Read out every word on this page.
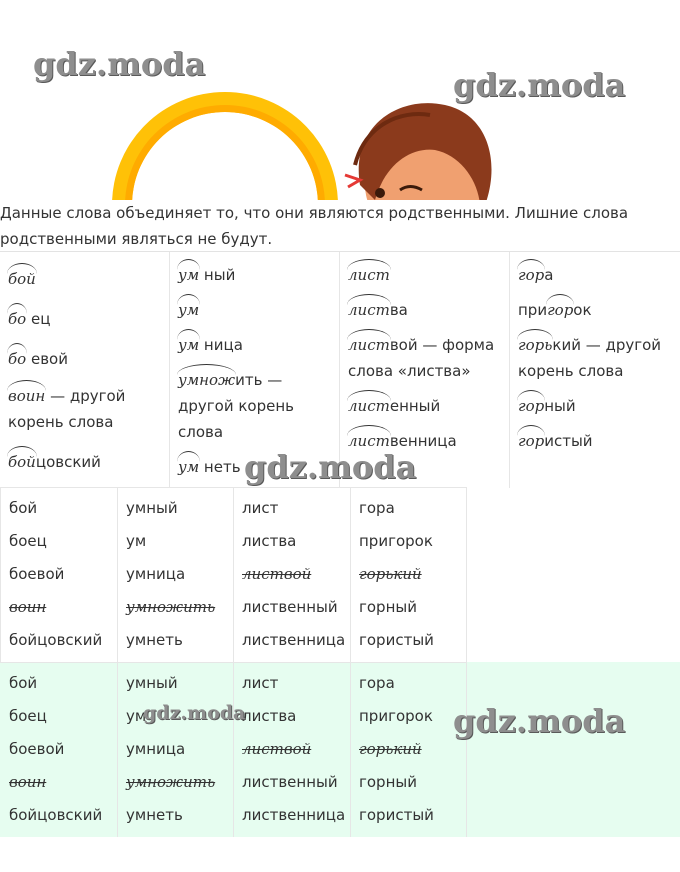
gdz.moda
gdz.moda
Данные слова объединяет то, что они являются родственными. Лишние слова родственными являться не будут.
бой
бо ец
бо евой
воин — другой
корень слова
бойцовский
ум ный
ум
ум ница
умножить —
другой корень
слова
ум неть
лист
листва
листвой — форма
слова «листва»
листенный
лиственница
гора
пригорок
горький — другой
корень слова
горный
гористый
gdz.moda
бой
боец
боевой
воин
бойцовский
умный
ум
умница
умножить
умнеть
лист
листва
листвой
лиственный
лиственница
гора
пригорок
горький
горный
гористый
бой
боец
боевой
воин
бойцовский
умный
ум
умница
умножить
умнеть
лист
листва
листвой
лиственный
лиственница
гора
пригорок
горький
горный
гористый
gdz.moda	gdz.moda
